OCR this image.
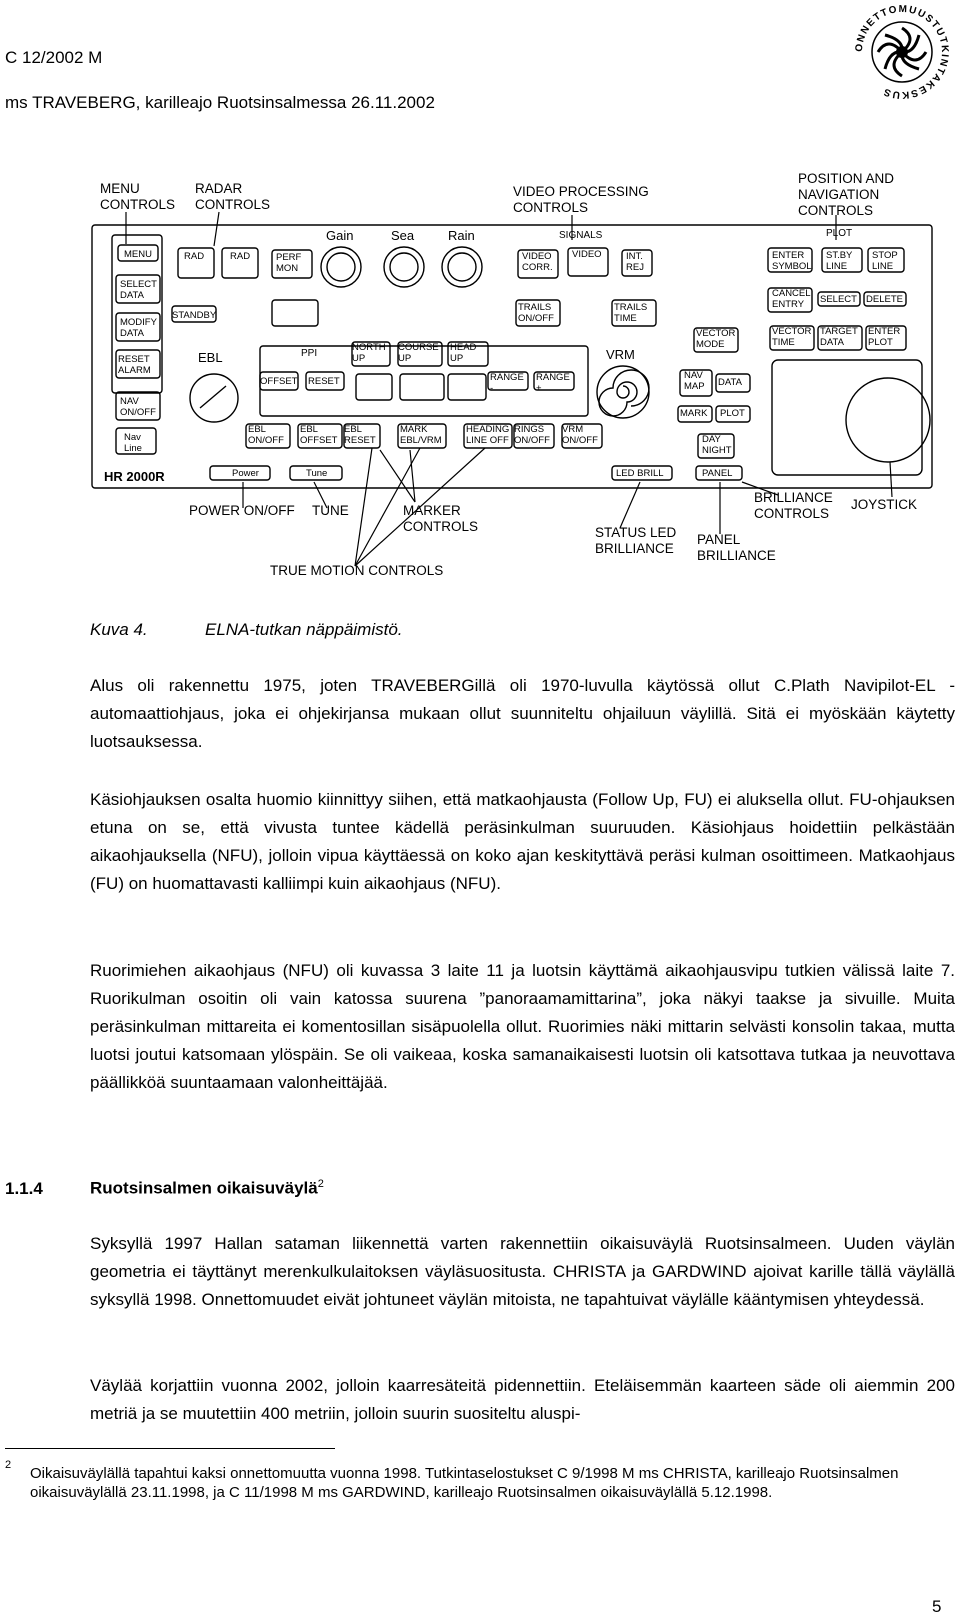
C 12/2002 M
ms TRAVEBERG, karilleajo Ruotsinsalmessa 26.11.2002
ONNETTOMUUSTUTKINTAKESKUS
Gain	Sea	Rain	SIGNALS	PLOT
EBL	PPI	VRM
HR 2000R
MENU
SELECT
DATA
MODIFY
DATA
RESET
ALARM
NAV
ON/OFF
Nav
Line
RAD	RAD	PERF
MON
STANDBY
OFFSET RESET
NORTH
UP
COURSE
UP
HEAD
UP
VIDEO
CORR.
VIDEO	INT.
REJ
TRAILS
ON/OFF
TRAILS
TIME
RANGE
-
RANGE
+
EBL
ON/OFF
EBL
OFFSET
EBL
RESET
MARK
EBL/VRM
HEADING
LINE OFF
RINGS
ON/OFF
VRM
ON/OFF
ENTER
SYMBOL
ST.BY
LINE
STOP
LINE
CANCEL
ENTRY SELECT DELETE
VECTOR
MODE
VECTOR
TIME
TARGET
DATA
ENTER
PLOT
NAV
MAP DATA
MARK PLOT
DAY
NIGHT
Power	Tune	LED BRILL	PANEL
MENU
CONTROLS
RADAR
CONTROLS
VIDEO PROCESSING
CONTROLS
POSITION AND
NAVIGATION
CONTROLS
POWER ON/OFF TUNE	MARKER
CONTROLS	STATUS LED
BRILLIANCE
PANEL
BRILLIANCE
BRILLIANCE
CONTROLS
JOYSTICK
TRUE MOTION CONTROLS
Kuva 4.	ELNA-tutkan näppäimistö.

Alus oli rakennettu 1975, joten TRAVEBERGillä oli 1970-luvulla käytössä ollut C.Plath Navipilot-EL -automaattiohjaus, joka ei ohjekirjansa mukaan ollut suunniteltu ohjailuun väylillä. Sitä ei myöskään käytetty luotsauksessa.

Käsiohjauksen osalta huomio kiinnittyy siihen, että matkaohjausta (Follow Up, FU) ei aluksella ollut. FU-ohjauksen etuna on se, että vivusta tuntee kädellä peräsinkulman suuruuden. Käsiohjaus hoidettiin pelkästään aikaohjauksella (NFU), jolloin vipua käyttäessä on koko ajan keskityttävä peräsi kulman osoittimeen. Matkaohjaus (FU) on huomattavasti kalliimpi kuin aikaohjaus (NFU).

Ruorimiehen aikaohjaus (NFU) oli kuvassa 3 laite 11 ja luotsin käyttämä aikaohjausvipu tutkien välissä laite 7. Ruorikulman osoitin oli vain katossa suurena ”panoraamamittarina”, joka näkyi taakse ja sivuille. Muita peräsinkulman mittareita ei komentosillan sisäpuolella ollut. Ruorimies näki mittarin selvästi konsolin takaa, mutta luotsi joutui katsomaan ylöspäin. Se oli vaikeaa, koska samanaikaisesti luotsin oli katsottava tutkaa ja neuvottava päällikköä suuntaamaan valonheittäjää.

1.1.4	Ruotsinsalmen oikaisuväylä$^2$

Syksyllä 1997 Hallan sataman liikennettä varten rakennettiin oikaisuväylä Ruotsinsalmeen. Uuden väylän geometria ei täyttänyt merenkulkulaitoksen väyläsuositusta. CHRISTA ja GARDWIND ajoivat karille tällä väylällä syksyllä 1998. Onnettomuudet eivät johtuneet väylän mitoista, ne tapahtuivat väylälle kääntymisen yhteydessä.

Väylää korjattiin vuonna 2002, jolloin kaarresäteitä pidennettiin. Eteläisemmän kaarteen säde oli aiemmin 200 metriä ja se muutettiin 400 metriin, jolloin suurin suositeltu aluspi-

2 Oikaisuväylällä tapahtui kaksi onnettomuutta vuonna 1998. Tutkintaselostukset C 9/1998 M ms CHRISTA, karilleajo Ruotsinsalmen oikaisuväylällä 23.11.1998, ja C 11/1998 M ms GARDWIND, karilleajo Ruotsinsalmen oikaisuväylällä 5.12.1998.

5
